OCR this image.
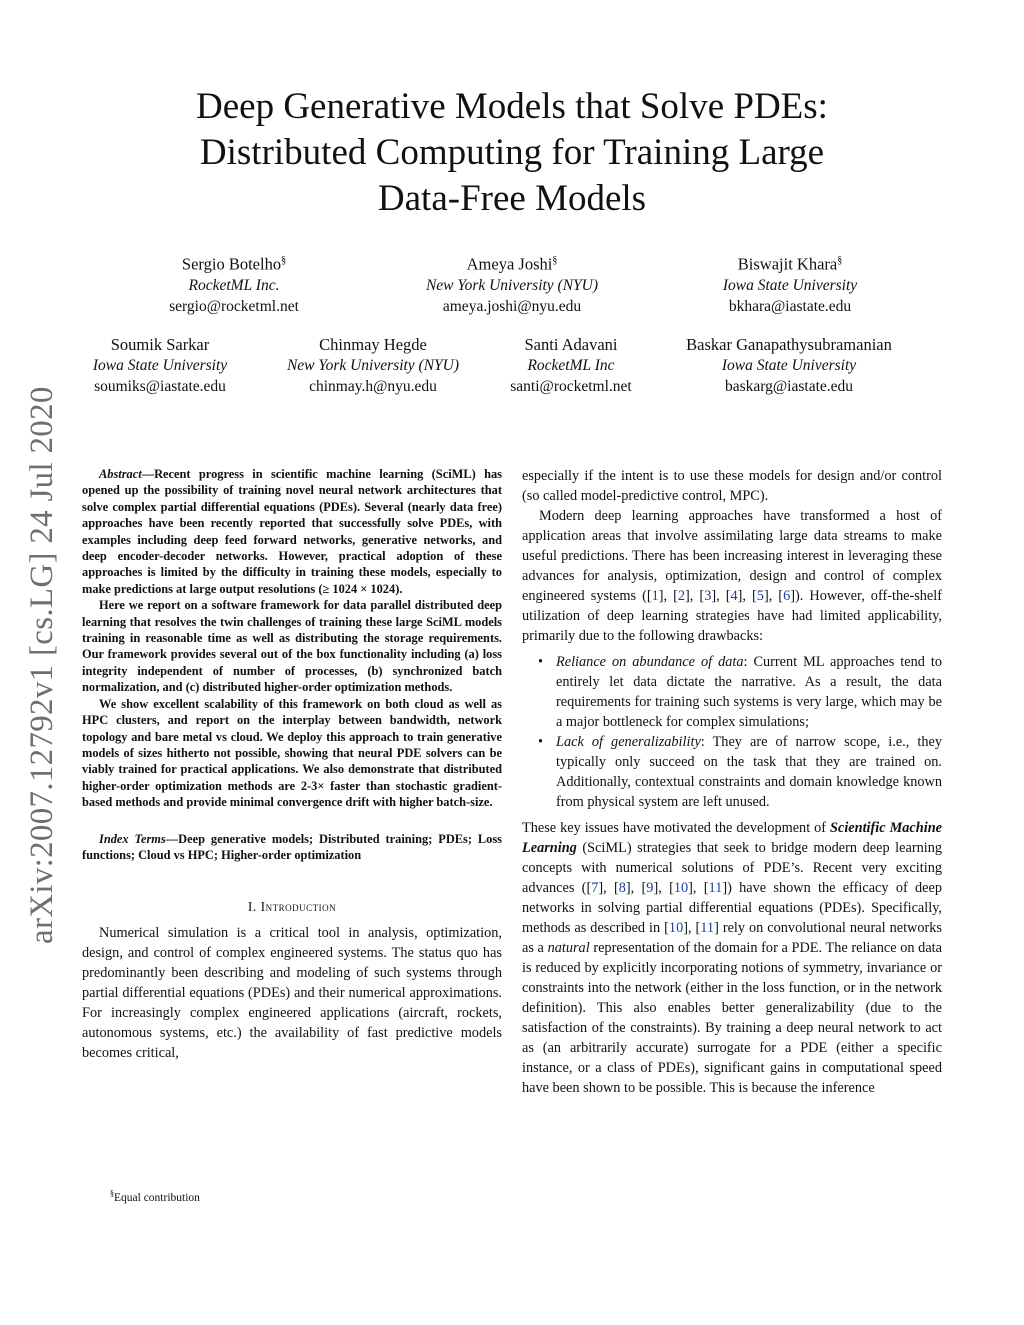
Deep Generative Models that Solve PDEs:
Distributed Computing for Training Large
Data-Free Models
arXiv:2007.12792v1 [cs.LG] 24 Jul 2020
Sergio Botelho§
RocketML Inc.
sergio@rocketml.net
Ameya Joshi§
New York University (NYU)
ameya.joshi@nyu.edu
Biswajit Khara§
Iowa State University
bkhara@iastate.edu
Soumik Sarkar
Iowa State University
soumiks@iastate.edu
Chinmay Hegde
New York University (NYU)
chinmay.h@nyu.edu
Santi Adavani
RocketML Inc
santi@rocketml.net
Baskar Ganapathysubramanian
Iowa State University
baskarg@iastate.edu

Abstract—Recent progress in scientific machine learning (SciML) has opened up the possibility of training novel neural network architectures that solve complex partial differential equations (PDEs). Several (nearly data free) approaches have been recently reported that successfully solve PDEs, with examples including deep feed forward networks, generative networks, and deep encoder-decoder networks. However, practical adoption of these approaches is limited by the difficulty in training these models, especially to make predictions at large output resolutions (≥ 1024 × 1024).

Here we report on a software framework for data parallel distributed deep learning that resolves the twin challenges of training these large SciML models training in reasonable time as well as distributing the storage requirements. Our framework provides several out of the box functionality including (a) loss integrity independent of number of processes, (b) synchronized batch normalization, and (c) distributed higher-order optimization methods.

We show excellent scalability of this framework on both cloud as well as HPC clusters, and report on the interplay between bandwidth, network topology and bare metal vs cloud. We deploy this approach to train generative models of sizes hitherto not possible, showing that neural PDE solvers can be viably trained for practical applications. We also demonstrate that distributed higher-order optimization methods are 2-3× faster than stochastic gradient-based methods and provide minimal convergence drift with higher batch-size.

Index Terms—Deep generative models; Distributed training; PDEs; Loss functions; Cloud vs HPC; Higher-order optimization

I. Introduction

Numerical simulation is a critical tool in analysis, optimization, design, and control of complex engineered systems. The status quo has predominantly been describing and modeling of such systems through partial differential equations (PDEs) and their numerical approximations. For increasingly complex engineered applications (aircraft, rockets, autonomous systems, etc.) the availability of fast predictive models becomes critical,

§Equal contribution

especially if the intent is to use these models for design and/or control (so called model-predictive control, MPC).

Modern deep learning approaches have transformed a host of application areas that involve assimilating large data streams to make useful predictions. There has been increasing interest in leveraging these advances for analysis, optimization, design and control of complex engineered systems ([1], [2], [3], [4], [5], [6]). However, off-the-shelf utilization of deep learning strategies have had limited applicability, primarily due to the following drawbacks:

• Reliance on abundance of data: Current ML approaches tend to entirely let data dictate the narrative. As a result, the data requirements for training such systems is very large, which may be a major bottleneck for complex simulations;
• Lack of generalizability: They are of narrow scope, i.e., they typically only succeed on the task that they are trained on. Additionally, contextual constraints and domain knowledge known from physical system are left unused.

These key issues have motivated the development of Scientific Machine Learning (SciML) strategies that seek to bridge modern deep learning concepts with numerical solutions of PDE’s. Recent very exciting advances ([7], [8], [9], [10], [11]) have shown the efficacy of deep networks in solving partial differential equations (PDEs). Specifically, methods as described in [10], [11] rely on convolutional neural networks as a natural representation of the domain for a PDE. The reliance on data is reduced by explicitly incorporating notions of symmetry, invariance or constraints into the network (either in the loss function, or in the network definition). This also enables better generalizability (due to the satisfaction of the constraints). By training a deep neural network to act as (an arbitrarily accurate) surrogate for a PDE (either a specific instance, or a class of PDEs), significant gains in computational speed have been shown to be possible. This is because the inference
